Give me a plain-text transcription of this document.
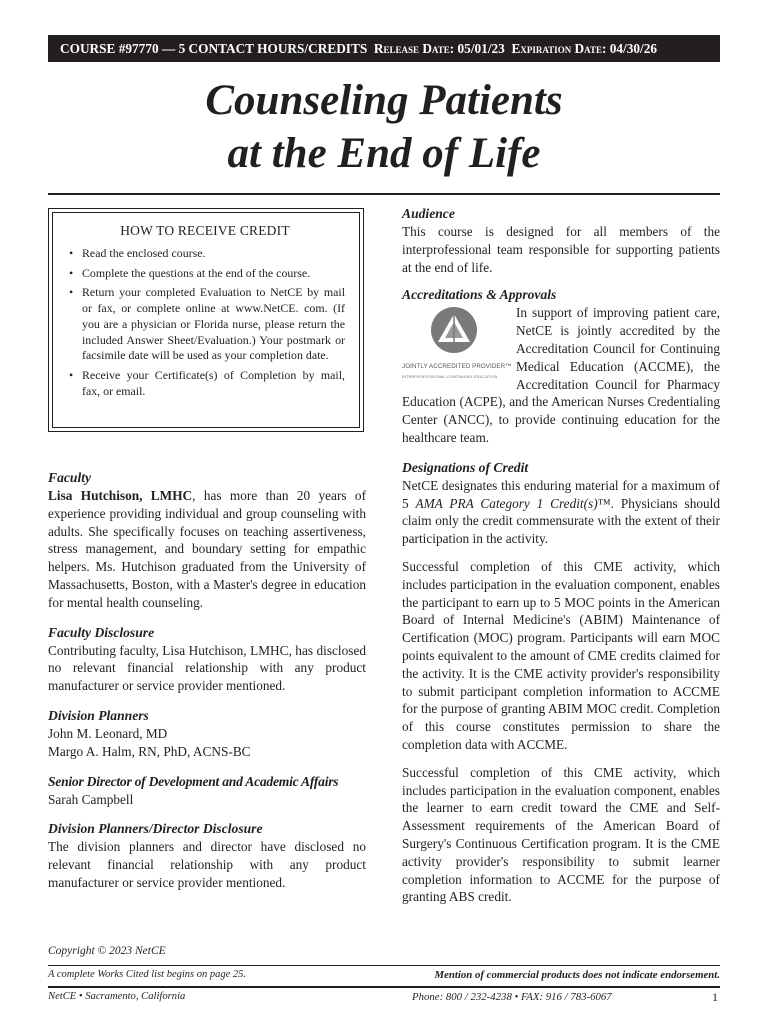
COURSE #97770 — 5 CONTACT HOURS/CREDITS Release Date: 05/01/23 Expiration Date: 04/30/26
Counseling Patients
at the End of Life
HOW TO RECEIVE CREDIT
• Read the enclosed course.
• Complete the questions at the end of the course.
• Return your completed Evaluation to NetCE by mail or fax, or complete online at www.NetCE. com. (If you are a physician or Florida nurse, please return the included Answer Sheet/Evaluation.) Your postmark or facsimile date will be used as your completion date.
• Receive your Certificate(s) of Completion by mail, fax, or email.
Faculty

Lisa Hutchison, LMHC, has more than 20 years of experience providing individual and group counseling with adults. She specifically focuses on teaching assertiveness, stress management, and boundary setting for empathic helpers. Ms. Hutchison graduated from the University of Massachusetts, Boston, with a Master's degree in education for mental health counseling.

Faculty Disclosure

Contributing faculty, Lisa Hutchison, LMHC, has disclosed no relevant financial relationship with any product manufacturer or service provider mentioned.

Division Planners
John M. Leonard, MD
Margo A. Halm, RN, PhD, ACNS-BC
Senior Director of Development and Academic Affairs
Sarah Campbell
Division Planners/Director Disclosure

The division planners and director have disclosed no relevant financial relationship with any product manufacturer or service provider mentioned.

Audience

This course is designed for all members of the interprofessional team responsible for supporting patients at the end of life.

Accreditations & Approvals
JOINTLY ACCREDITED PROVIDER™
INTERPROFESSIONAL CONTINUING EDUCATION

In support of improving patient care, NetCE is jointly accredited by the Accreditation Council for Continuing Medical Education (ACCME), the Accreditation Council for Pharmacy Education (ACPE), and the American Nurses Credentialing Center (ANCC), to provide continuing education for the healthcare team.

Designations of Credit

NetCE designates this enduring material for a maximum of 5 AMA PRA Category 1 Credit(s)™. Physicians should claim only the credit commensurate with the extent of their participation in the activity.

Successful completion of this CME activity, which includes participation in the evaluation component, enables the participant to earn up to 5 MOC points in the American Board of Internal Medicine's (ABIM) Maintenance of Certification (MOC) program. Participants will earn MOC points equivalent to the amount of CME credits claimed for the activity. It is the CME activity provider's responsibility to submit participant completion information to ACCME for the purpose of granting ABIM MOC credit. Completion of this course constitutes permission to share the completion data with ACCME.

Successful completion of this CME activity, which includes participation in the evaluation component, enables the learner to earn credit toward the CME and Self-Assessment requirements of the American Board of Surgery's Continuous Certification program. It is the CME activity provider's responsibility to submit learner completion information to ACCME for the purpose of granting ABS credit.

Copyright © 2023 NetCE
A complete Works Cited list begins on page 25.	Mention of commercial products does not indicate endorsement.
NetCE • Sacramento, California	Phone: 800 / 232-4238 • FAX: 916 / 783-6067	1
